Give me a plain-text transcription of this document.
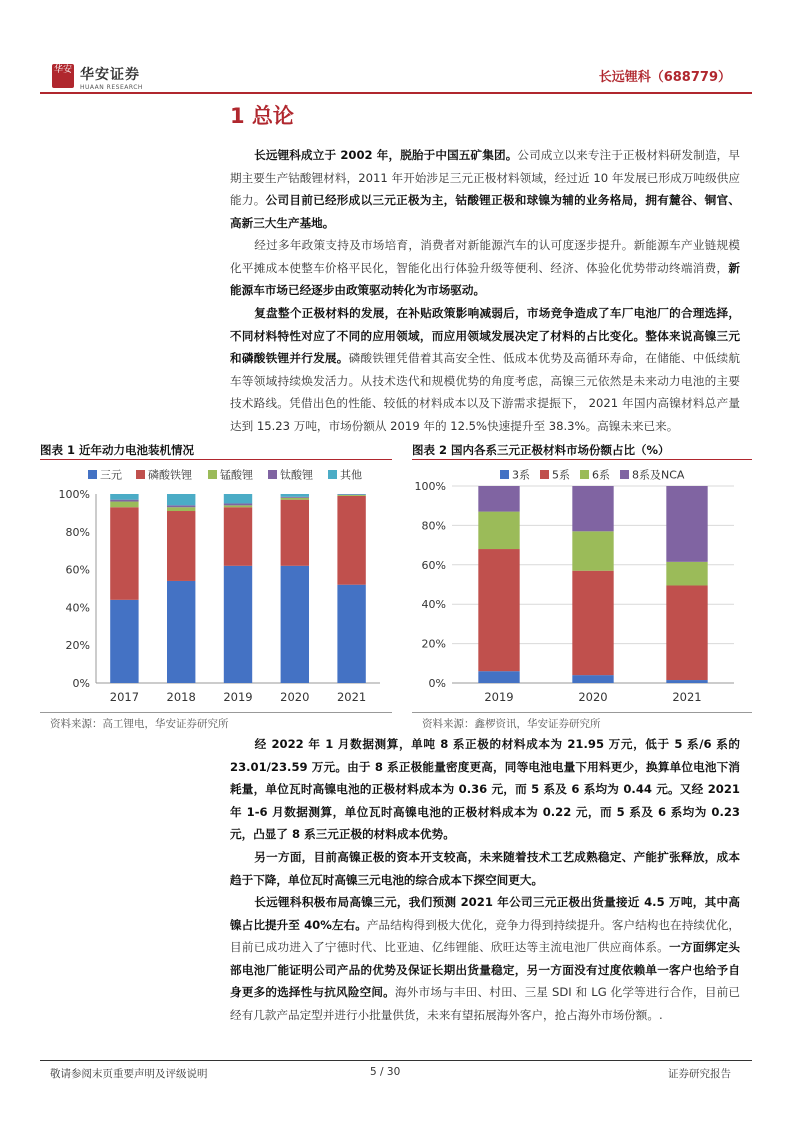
华安 华安证券
HUAAN RESEARCH
长远锂科（688779）
1 总论
长远锂科成立于 2002 年，脱胎于中国五矿集团。公司成立以来专注于正极材料研发制造，早期主要生产钴酸锂材料，2011 年开始涉足三元正极材料领域，经过近 10 年发展已形成万吨级供应能力。公司目前已经形成以三元正极为主，钴酸锂正极和球镍为辅的业务格局，拥有麓谷、铜官、高新三大生产基地。
经过多年政策支持及市场培育，消费者对新能源汽车的认可度逐步提升。新能源车产业链规模化平摊成本使整车价格平民化，智能化出行体验升级等便利、经济、体验化优势带动终端消费，新能源车市场已经逐步由政策驱动转化为市场驱动。
复盘整个正极材料的发展，在补贴政策影响减弱后，市场竞争造成了车厂电池厂的合理选择，不同材料特性对应了不同的应用领域，而应用领域发展决定了材料的占比变化。整体来说高镍三元和磷酸铁锂并行发展。磷酸铁锂凭借着其高安全性、低成本优势及高循环寿命，在储能、中低续航车等领域持续焕发活力。从技术迭代和规模优势的角度考虑，高镍三元依然是未来动力电池的主要技术路线。凭借出色的性能、较低的材料成本以及下游需求提振下， 2021 年国内高镍材料总产量达到 15.23 万吨，市场份额从 2019 年的 12.5%快速提升至 38.3%。高镍未来已来。
图表 1 近年动力电池装机情况
三元 磷酸铁锂	锰酸锂 钛酸锂 其他
0%
20%
40%
60%
80%
100%
2017 2018 2019 2020 2021
资料来源：高工锂电，华安证券研究所
图表 2 国内各系三元正极材料市场份额占比（%）
3系 5系 6系 8系及NCA
0%
20%
40%
60%
80%
100%
2019	2020	2021
资料来源：鑫椤资讯，华安证券研究所
经 2022 年 1 月数据测算，单吨 8 系正极的材料成本为 21.95 万元，低于 5 系/6 系的 23.01/23.59 万元。由于 8 系正极能量密度更高，同等电池电量下用料更少，换算单位电池下消耗量，单位瓦时高镍电池的正极材料成本为 0.36 元，而 5 系及 6 系均为 0.44 元。又经 2021 年 1-6 月数据测算，单位瓦时高镍电池的正极材料成本为 0.22 元，而 5 系及 6 系均为 0.23 元，凸显了 8 系三元正极的材料成本优势。
另一方面，目前高镍正极的资本开支较高，未来随着技术工艺成熟稳定、产能扩张释放，成本趋于下降，单位瓦时高镍三元电池的综合成本下探空间更大。
长远锂科积极布局高镍三元，我们预测 2021 年公司三元正极出货量接近 4.5 万吨，其中高镍占比提升至 40%左右。产品结构得到极大优化，竞争力得到持续提升。客户结构也在持续优化，目前已成功进入了宁德时代、比亚迪、亿纬锂能、欣旺达等主流电池厂供应商体系。一方面绑定头部电池厂能证明公司产品的优势及保证长期出货量稳定，另一方面没有过度依赖单一客户也给予自身更多的选择性与抗风险空间。海外市场与丰田、村田、三星 SDI 和 LG 化学等进行合作，目前已经有几款产品定型并进行小批量供货，未来有望拓展海外客户，抢占海外市场份额。.
敬请参阅末页重要声明及评级说明	5 / 30	证券研究报告
